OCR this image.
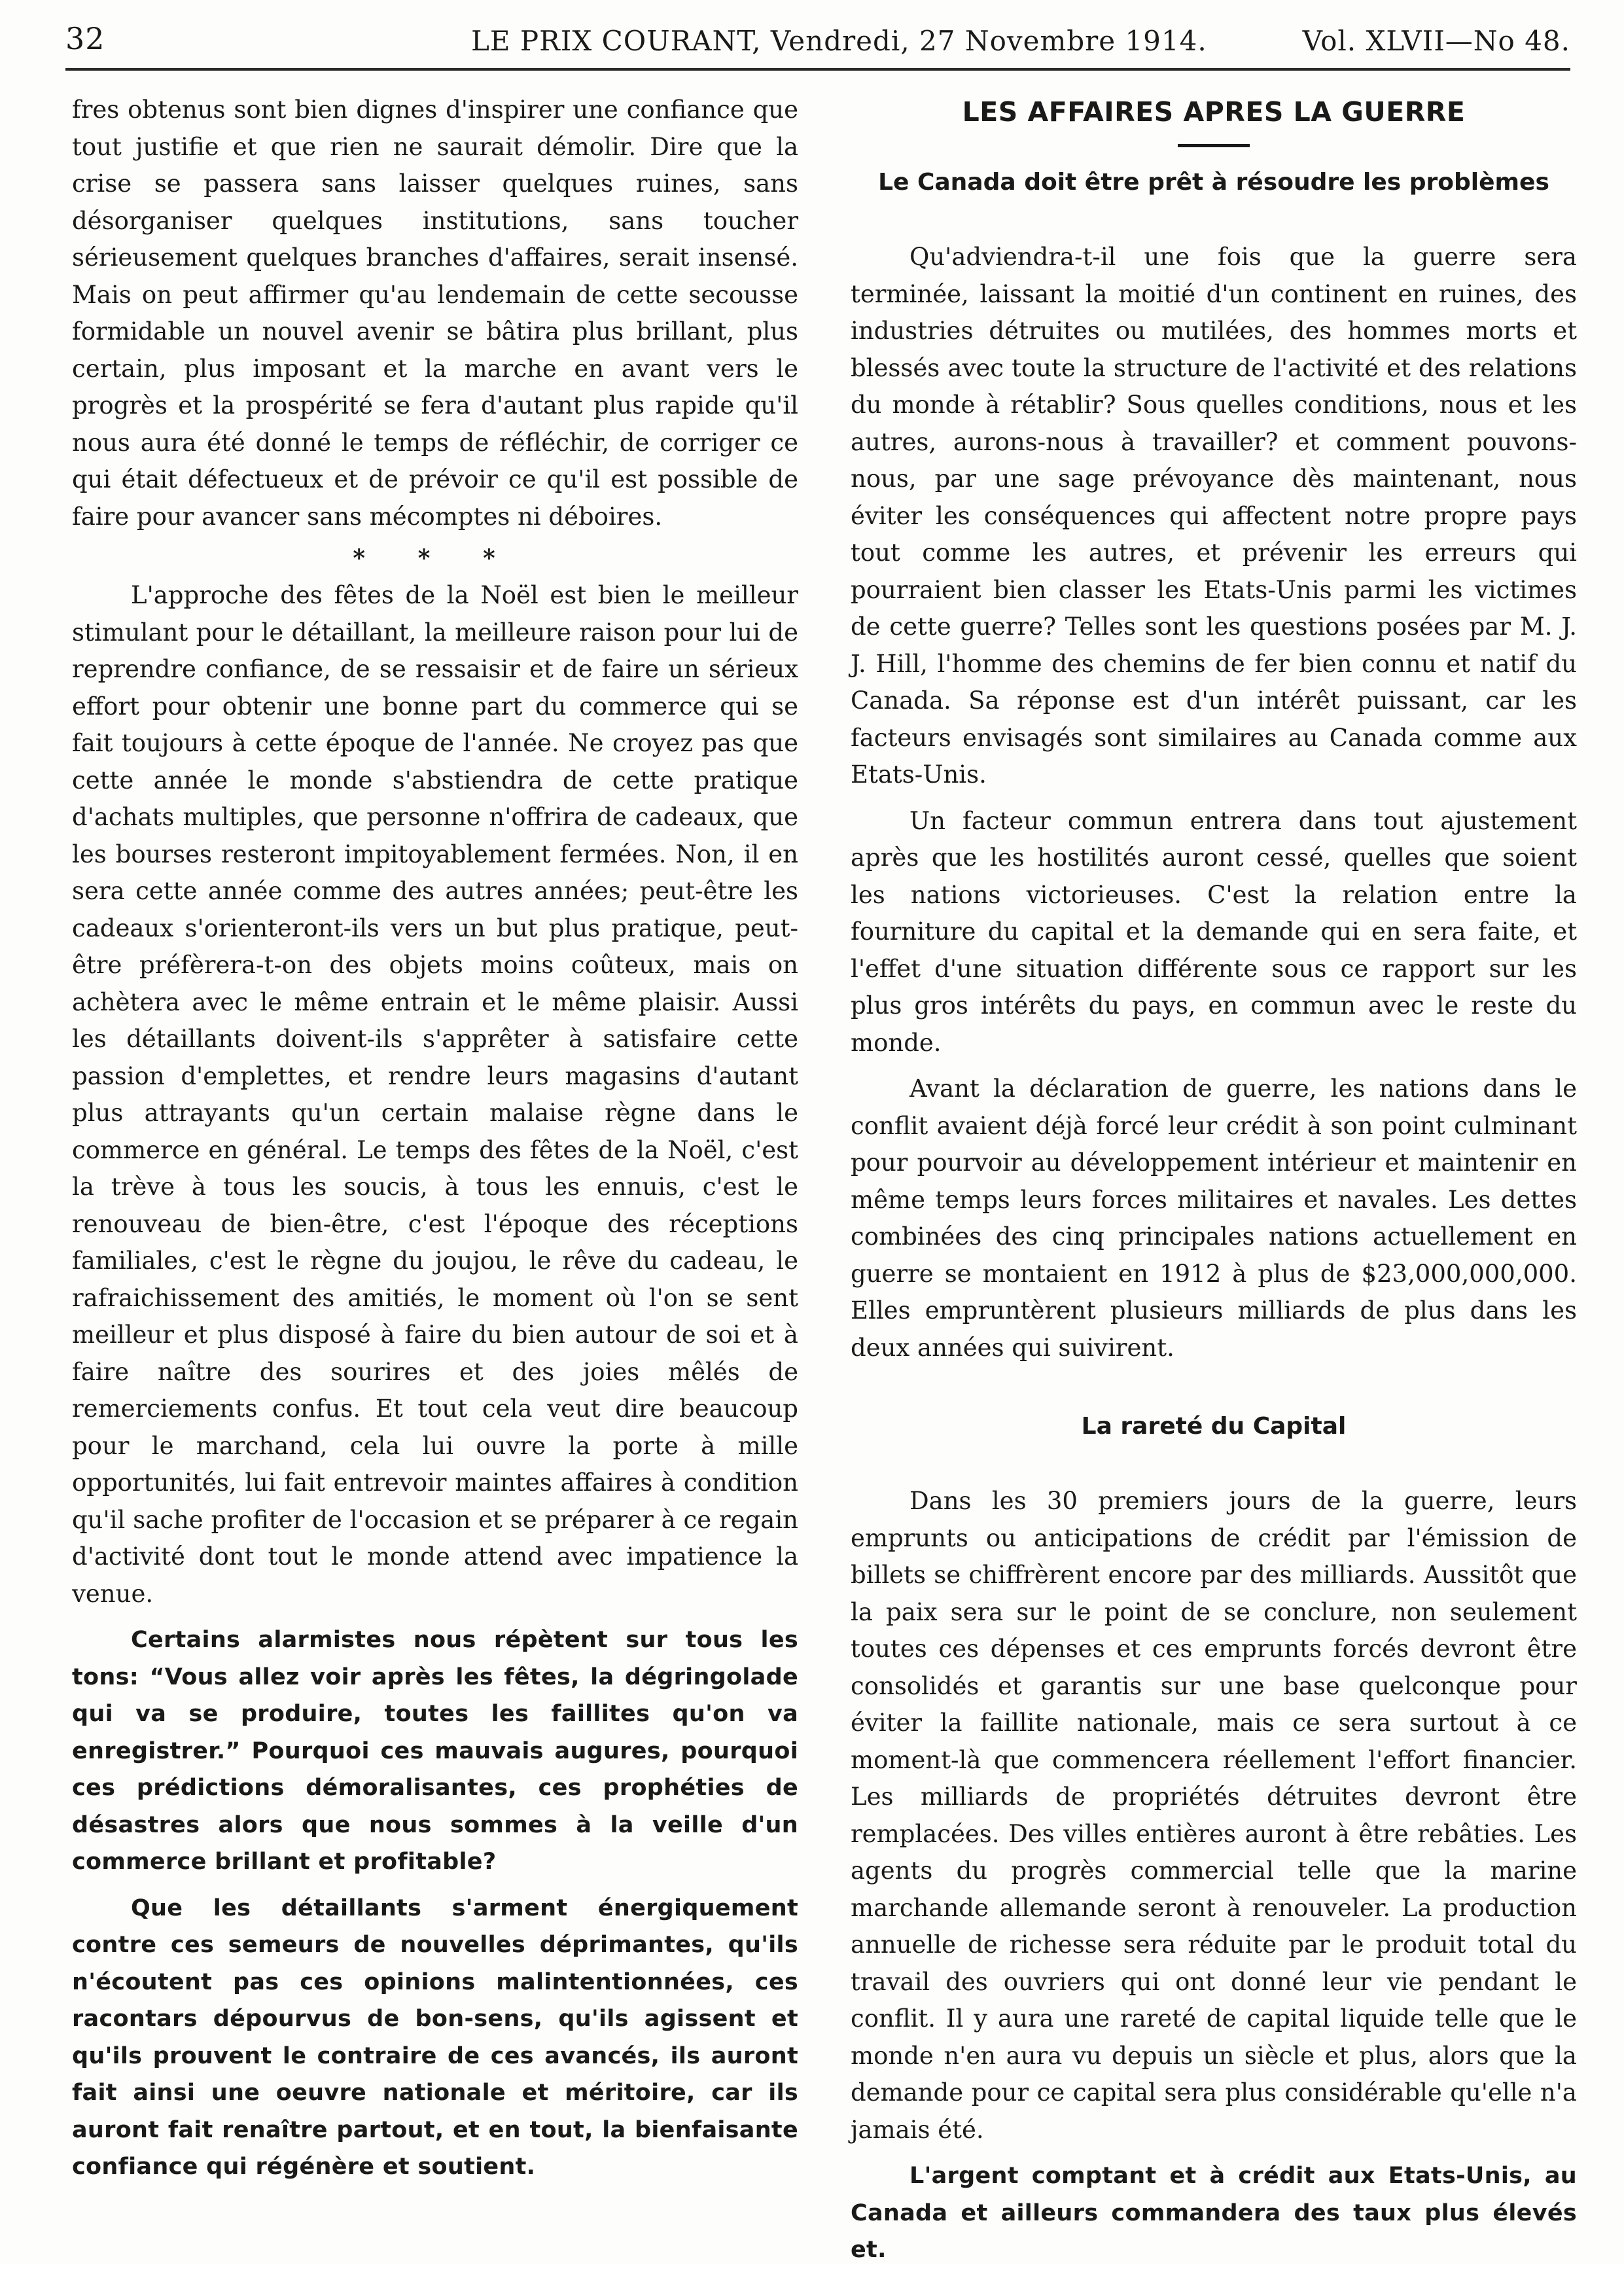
32	LE PRIX COURANT, Vendredi, 27 Novembre 1914.	Vol. XLVII—No 48.

fres obtenus sont bien dignes d'inspirer une confiance que tout justifie et que rien ne saurait démolir. Dire que la crise se passera sans laisser quelques ruines, sans désorganiser quelques institutions, sans toucher sérieusement quelques branches d'affaires, serait insensé. Mais on peut affirmer qu'au lendemain de cette secousse formidable un nouvel avenir se bâtira plus brillant, plus certain, plus imposant et la marche en avant vers le progrès et la prospérité se fera d'autant plus rapide qu'il nous aura été donné le temps de réfléchir, de corriger ce qui était défectueux et de prévoir ce qu'il est possible de faire pour avancer sans mécomptes ni déboires.

* * *

L'approche des fêtes de la Noël est bien le meilleur stimulant pour le détaillant, la meilleure raison pour lui de reprendre confiance, de se ressaisir et de faire un sérieux effort pour obtenir une bonne part du commerce qui se fait toujours à cette époque de l'année. Ne croyez pas que cette année le monde s'abstiendra de cette pratique d'achats multiples, que personne n'offrira de cadeaux, que les bourses resteront impitoyablement fermées. Non, il en sera cette année comme des autres années; peut-être les cadeaux s'orienteront-ils vers un but plus pratique, peut-être préfèrera-t-on des objets moins coûteux, mais on achètera avec le même entrain et le même plaisir. Aussi les détaillants doivent-ils s'apprêter à satisfaire cette passion d'emplettes, et rendre leurs magasins d'autant plus attrayants qu'un certain malaise règne dans le commerce en général. Le temps des fêtes de la Noël, c'est la trève à tous les soucis, à tous les ennuis, c'est le renouveau de bien-être, c'est l'époque des réceptions familiales, c'est le règne du joujou, le rêve du cadeau, le rafraichissement des amitiés, le moment où l'on se sent meilleur et plus disposé à faire du bien autour de soi et à faire naître des sourires et des joies mêlés de remerciements confus. Et tout cela veut dire beaucoup pour le marchand, cela lui ouvre la porte à mille opportunités, lui fait entrevoir maintes affaires à condition qu'il sache profiter de l'occasion et se préparer à ce regain d'activité dont tout le monde attend avec impatience la venue.

Certains alarmistes nous répètent sur tous les tons: “Vous allez voir après les fêtes, la dégringolade qui va se produire, toutes les faillites qu'on va enregistrer.” Pourquoi ces mauvais augures, pourquoi ces prédictions démoralisantes, ces prophéties de désastres alors que nous sommes à la veille d'un commerce brillant et profitable?

Que les détaillants s'arment énergiquement contre ces semeurs de nouvelles déprimantes, qu'ils n'écoutent pas ces opinions malintentionnées, ces racontars dépourvus de bon-sens, qu'ils agissent et qu'ils prouvent le contraire de ces avancés, ils auront fait ainsi une oeuvre nationale et méritoire, car ils auront fait renaître partout, et en tout, la bienfaisante confiance qui régénère et soutient.

LES AFFAIRES APRES LA GUERRE
Le Canada doit être prêt à résoudre les problèmes

Qu'adviendra-t-il une fois que la guerre sera terminée, laissant la moitié d'un continent en ruines, des industries détruites ou mutilées, des hommes morts et blessés avec toute la structure de l'activité et des relations du monde à rétablir? Sous quelles conditions, nous et les autres, aurons-nous à travailler? et comment pouvons-nous, par une sage prévoyance dès maintenant, nous éviter les conséquences qui affectent notre propre pays tout comme les autres, et prévenir les erreurs qui pourraient bien classer les Etats-Unis parmi les victimes de cette guerre? Telles sont les questions posées par M. J. J. Hill, l'homme des chemins de fer bien connu et natif du Canada. Sa réponse est d'un intérêt puissant, car les facteurs envisagés sont similaires au Canada comme aux Etats-Unis.

Un facteur commun entrera dans tout ajustement après que les hostilités auront cessé, quelles que soient les nations victorieuses. C'est la relation entre la fourniture du capital et la demande qui en sera faite, et l'effet d'une situation différente sous ce rapport sur les plus gros intérêts du pays, en commun avec le reste du monde.

Avant la déclaration de guerre, les nations dans le conflit avaient déjà forcé leur crédit à son point culminant pour pourvoir au développement intérieur et maintenir en même temps leurs forces militaires et navales. Les dettes combinées des cinq principales nations actuellement en guerre se montaient en 1912 à plus de $23,000,000,000. Elles empruntèrent plusieurs milliards de plus dans les deux années qui suivirent.

La rareté du Capital

Dans les 30 premiers jours de la guerre, leurs emprunts ou anticipations de crédit par l'émission de billets se chiffrèrent encore par des milliards. Aussitôt que la paix sera sur le point de se conclure, non seulement toutes ces dépenses et ces emprunts forcés devront être consolidés et garantis sur une base quelconque pour éviter la faillite nationale, mais ce sera surtout à ce moment-là que commencera réellement l'effort financier. Les milliards de propriétés détruites devront être remplacées. Des villes entières auront à être rebâties. Les agents du progrès commercial telle que la marine marchande allemande seront à renouveler. La production annuelle de richesse sera réduite par le produit total du travail des ouvriers qui ont donné leur vie pendant le conflit. Il y aura une rareté de capital liquide telle que le monde n'en aura vu depuis un siècle et plus, alors que la demande pour ce capital sera plus considérable qu'elle n'a jamais été.

L'argent comptant et à crédit aux Etats-Unis, au Canada et ailleurs commandera des taux plus élevés et.
